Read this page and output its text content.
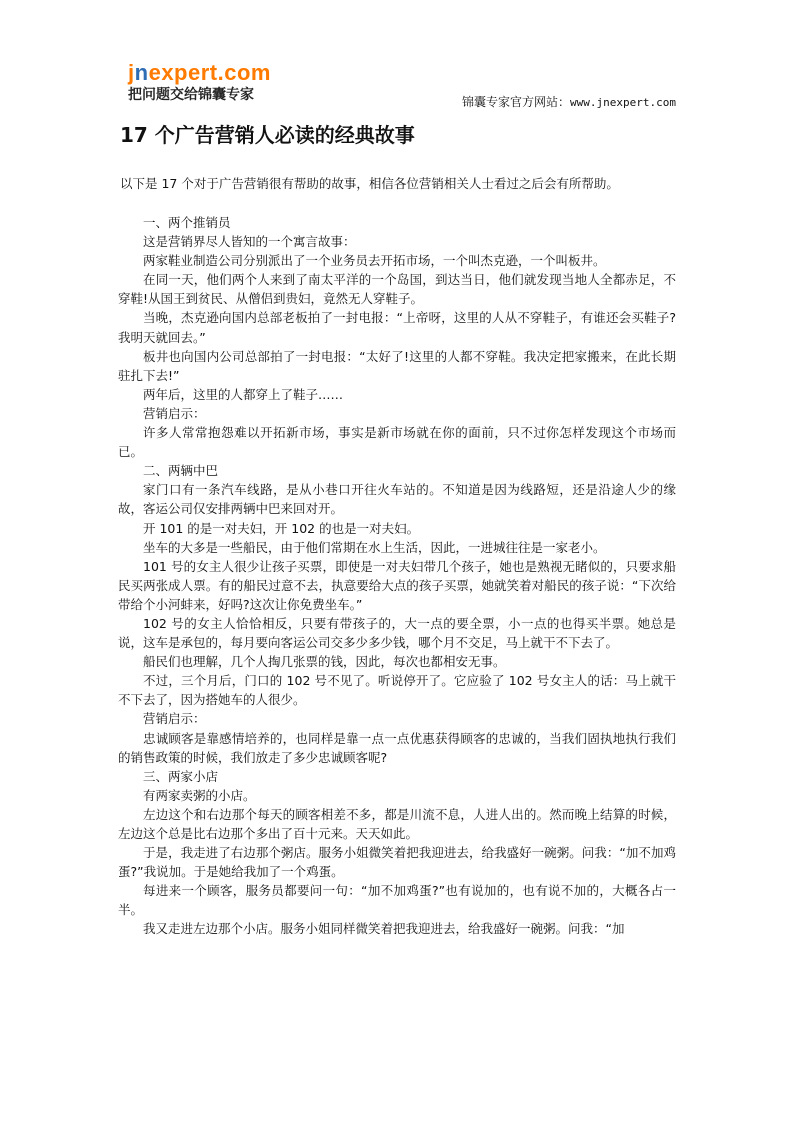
jnexpert.com
把问题交给锦囊专家	锦囊专家官方网站：www.jnexpert.com
17 个广告营销人必读的经典故事

以下是 17 个对于广告营销很有帮助的故事，相信各位营销相关人士看过之后会有所帮助。

一、两个推销员

这是营销界尽人皆知的一个寓言故事：

两家鞋业制造公司分别派出了一个业务员去开拓市场，一个叫杰克逊，一个叫板井。

在同一天，他们两个人来到了南太平洋的一个岛国，到达当日，他们就发现当地人全都赤足，不穿鞋!从国王到贫民、从僧侣到贵妇，竟然无人穿鞋子。

当晚，杰克逊向国内总部老板拍了一封电报：“上帝呀，这里的人从不穿鞋子，有谁还会买鞋子?我明天就回去。”

板井也向国内公司总部拍了一封电报：“太好了!这里的人都不穿鞋。我决定把家搬来，在此长期驻扎下去!”

两年后，这里的人都穿上了鞋子……

营销启示：

许多人常常抱怨难以开拓新市场，事实是新市场就在你的面前，只不过你怎样发现这个市场而已。

二、两辆中巴

家门口有一条汽车线路，是从小巷口开往火车站的。不知道是因为线路短，还是沿途人少的缘故，客运公司仅安排两辆中巴来回对开。

开 101 的是一对夫妇，开 102 的也是一对夫妇。

坐车的大多是一些船民，由于他们常期在水上生活，因此，一进城往往是一家老小。

101 号的女主人很少让孩子买票，即使是一对夫妇带几个孩子，她也是熟视无睹似的，只要求船民买两张成人票。有的船民过意不去，执意要给大点的孩子买票，她就笑着对船民的孩子说：“下次给带给个小河蚌来，好吗?这次让你免费坐车。”

102 号的女主人恰恰相反，只要有带孩子的，大一点的要全票，小一点的也得买半票。她总是说，这车是承包的，每月要向客运公司交多少多少钱，哪个月不交足，马上就干不下去了。

船民们也理解，几个人掏几张票的钱，因此，每次也都相安无事。

不过，三个月后，门口的 102 号不见了。听说停开了。它应验了 102 号女主人的话：马上就干不下去了，因为搭她车的人很少。

营销启示：

忠诚顾客是靠感情培养的，也同样是靠一点一点优惠获得顾客的忠诚的，当我们固执地执行我们的销售政策的时候，我们放走了多少忠诚顾客呢?

三、两家小店

有两家卖粥的小店。

左边这个和右边那个每天的顾客相差不多，都是川流不息，人进人出的。然而晚上结算的时候，左边这个总是比右边那个多出了百十元来。天天如此。

于是，我走进了右边那个粥店。服务小姐微笑着把我迎进去，给我盛好一碗粥。问我：“加不加鸡蛋?”我说加。于是她给我加了一个鸡蛋。

每进来一个顾客，服务员都要问一句：“加不加鸡蛋?”也有说加的，也有说不加的，大概各占一半。

我又走进左边那个小店。服务小姐同样微笑着把我迎进去，给我盛好一碗粥。问我：“加
